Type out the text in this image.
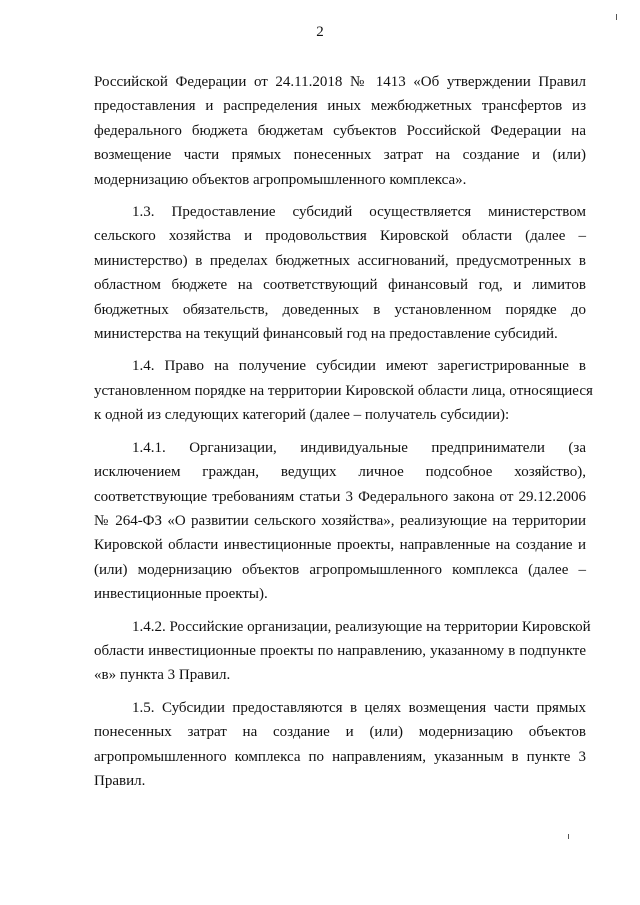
2
Российской Федерации от 24.11.2018 № 1413 «Об утверждении Правил
предоставления и распределения иных межбюджетных трансфертов из
федерального бюджета бюджетам субъектов Российской Федерации на
возмещение части прямых понесенных затрат на создание и (или)
модернизацию объектов агропромышленного комплекса».
1.3. Предоставление субсидий осуществляется министерством
сельского хозяйства и продовольствия Кировской области (далее –
министерство) в пределах бюджетных ассигнований, предусмотренных в
областном бюджете на соответствующий финансовый год, и лимитов
бюджетных обязательств, доведенных в установленном порядке до
министерства на текущий финансовый год на предоставление субсидий.
1.4. Право на получение субсидии имеют зарегистрированные в
установленном порядке на территории Кировской области лица, относящиеся
к одной из следующих категорий (далее – получатель субсидии):
1.4.1. Организации, индивидуальные предприниматели (за
исключением граждан, ведущих личное подсобное хозяйство),
соответствующие требованиям статьи 3 Федерального закона от 29.12.2006
№ 264-ФЗ «О развитии сельского хозяйства», реализующие на территории
Кировской области инвестиционные проекты, направленные на создание и
(или) модернизацию объектов агропромышленного комплекса (далее –
инвестиционные проекты).
1.4.2. Российские организации, реализующие на территории Кировской
области инвестиционные проекты по направлению, указанному в подпункте
«в» пункта 3 Правил.
1.5. Субсидии предоставляются в целях возмещения части прямых
понесенных затрат на создание и (или) модернизацию объектов
агропромышленного комплекса по направлениям, указанным в пункте 3
Правил.
